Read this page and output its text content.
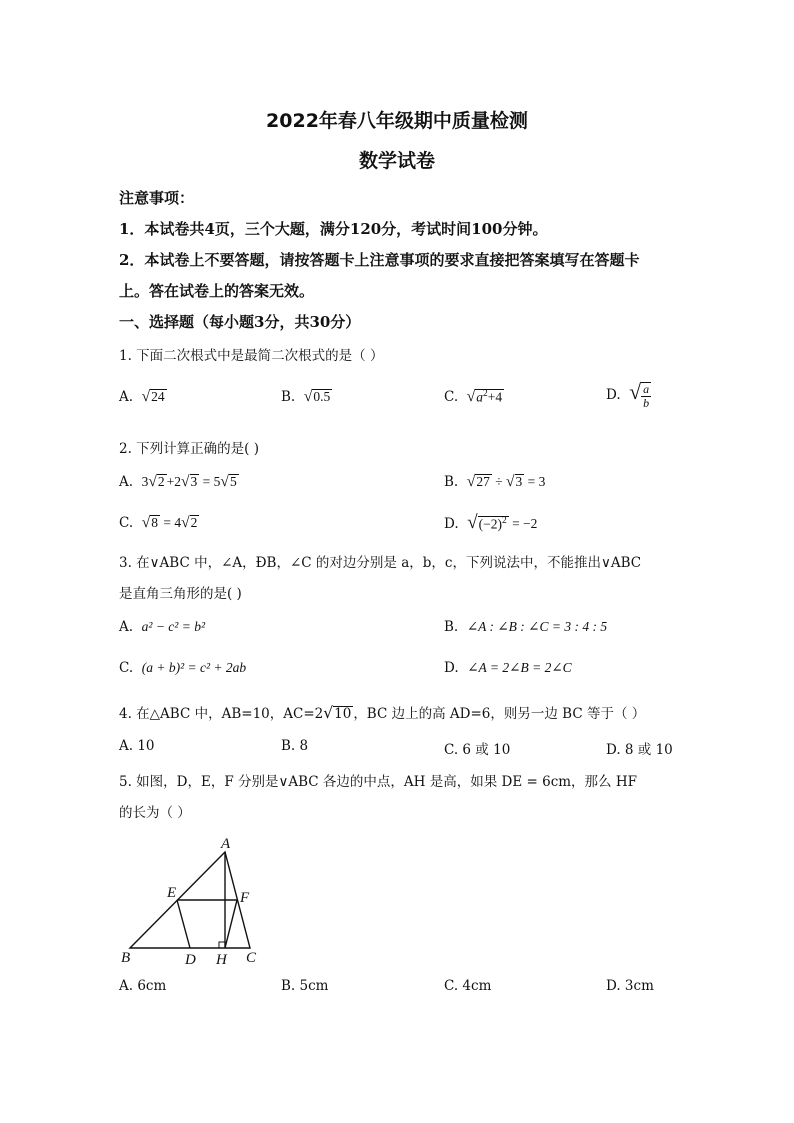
2022年春八年级期中质量检测
数学试卷
注意事项：
1．本试卷共4页，三个大题，满分120分，考试时间100分钟。
2．本试卷上不要答题，请按答题卡上注意事项的要求直接把答案填写在答题卡
上。答在试卷上的答案无效。
一、选择题（每小题3分，共30分）
1. 下面二次根式中是最简二次根式的是（ ）
A. √24	B. √0.5	C. $√a^2+4$	D. √ $\frac{a}{b}$
2. 下列计算正确的是( )
A. 3√2 +2√3 = 5√5	B. √27 ÷ √3 = 3
C. √8 = 4√2	D. $√(-2)^2 = -2$
3. 在∨ABC 中，∠A，ÐB，∠C 的对边分别是 a，b，c，下列说法中，不能推出∨ABC
是直角三角形的是( )
A. a² − c² = b²	B. ∠A : ∠B : ∠C = 3 : 4 : 5
C. (a + b)² = c² + 2ab	D. ∠A = 2∠B = 2∠C
4. 在△ABC 中，AB=10，AC=2√10 ，BC 边上的高 AD=6，则另一边 BC 等于（ ）
A. 10	B. 8	C. 6 或 10	D. 8 或 10
5. 如图，D，E，F 分别是∨ABC 各边的中点，AH 是高，如果 DE = 6cm，那么 HF
的长为（ ）
A
B	C
D
E	F
H
A. 6cm	B. 5cm	C. 4cm	D. 3cm
